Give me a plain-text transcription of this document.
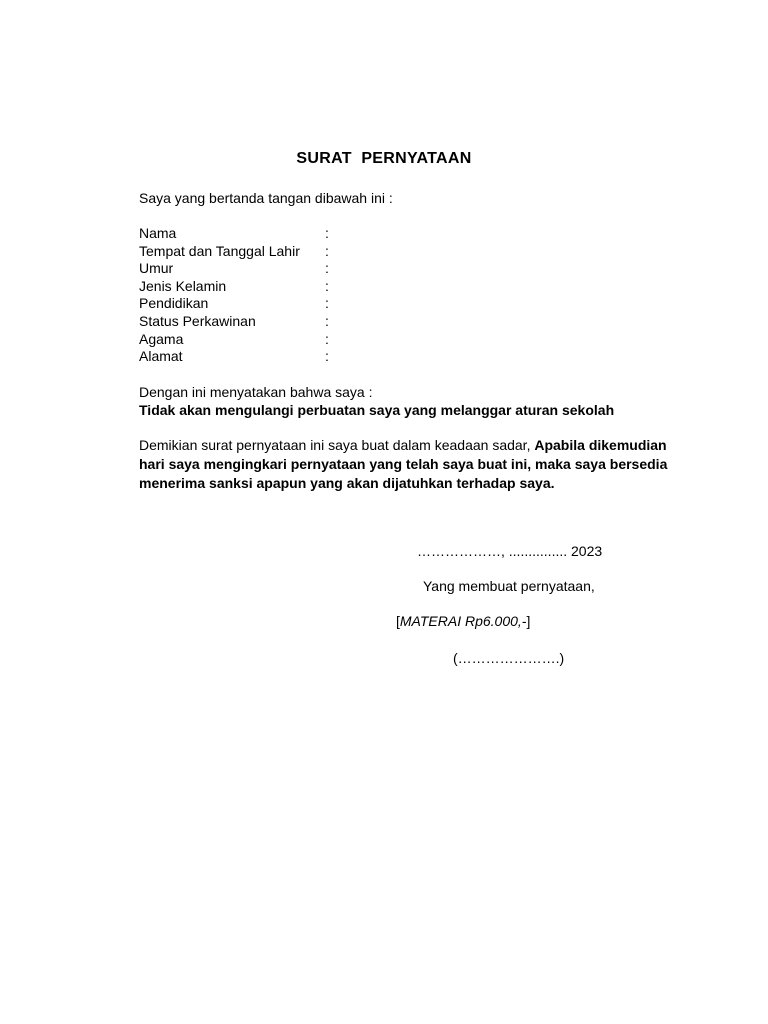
SURAT  PERNYATAAN
Saya yang bertanda tangan dibawah ini :
Nama	:
Tempat dan Tanggal Lahir :
Umur	:
Jenis Kelamin	:
Pendidikan	:
Status Perkawinan	:
Agama	:
Alamat	:
Dengan ini menyatakan bahwa saya :
Tidak akan mengulangi perbuatan saya yang melanggar aturan sekolah
Demikian surat pernyataan ini saya buat dalam keadaan sadar, Apabila dikemudian hari saya mengingkari pernyataan yang telah saya buat ini, maka saya bersedia menerima sanksi apapun yang akan dijatuhkan terhadap saya.
………………, ............... 2023
Yang membuat pernyataan,
[MATERAI Rp6.000,-]
(………………….)
